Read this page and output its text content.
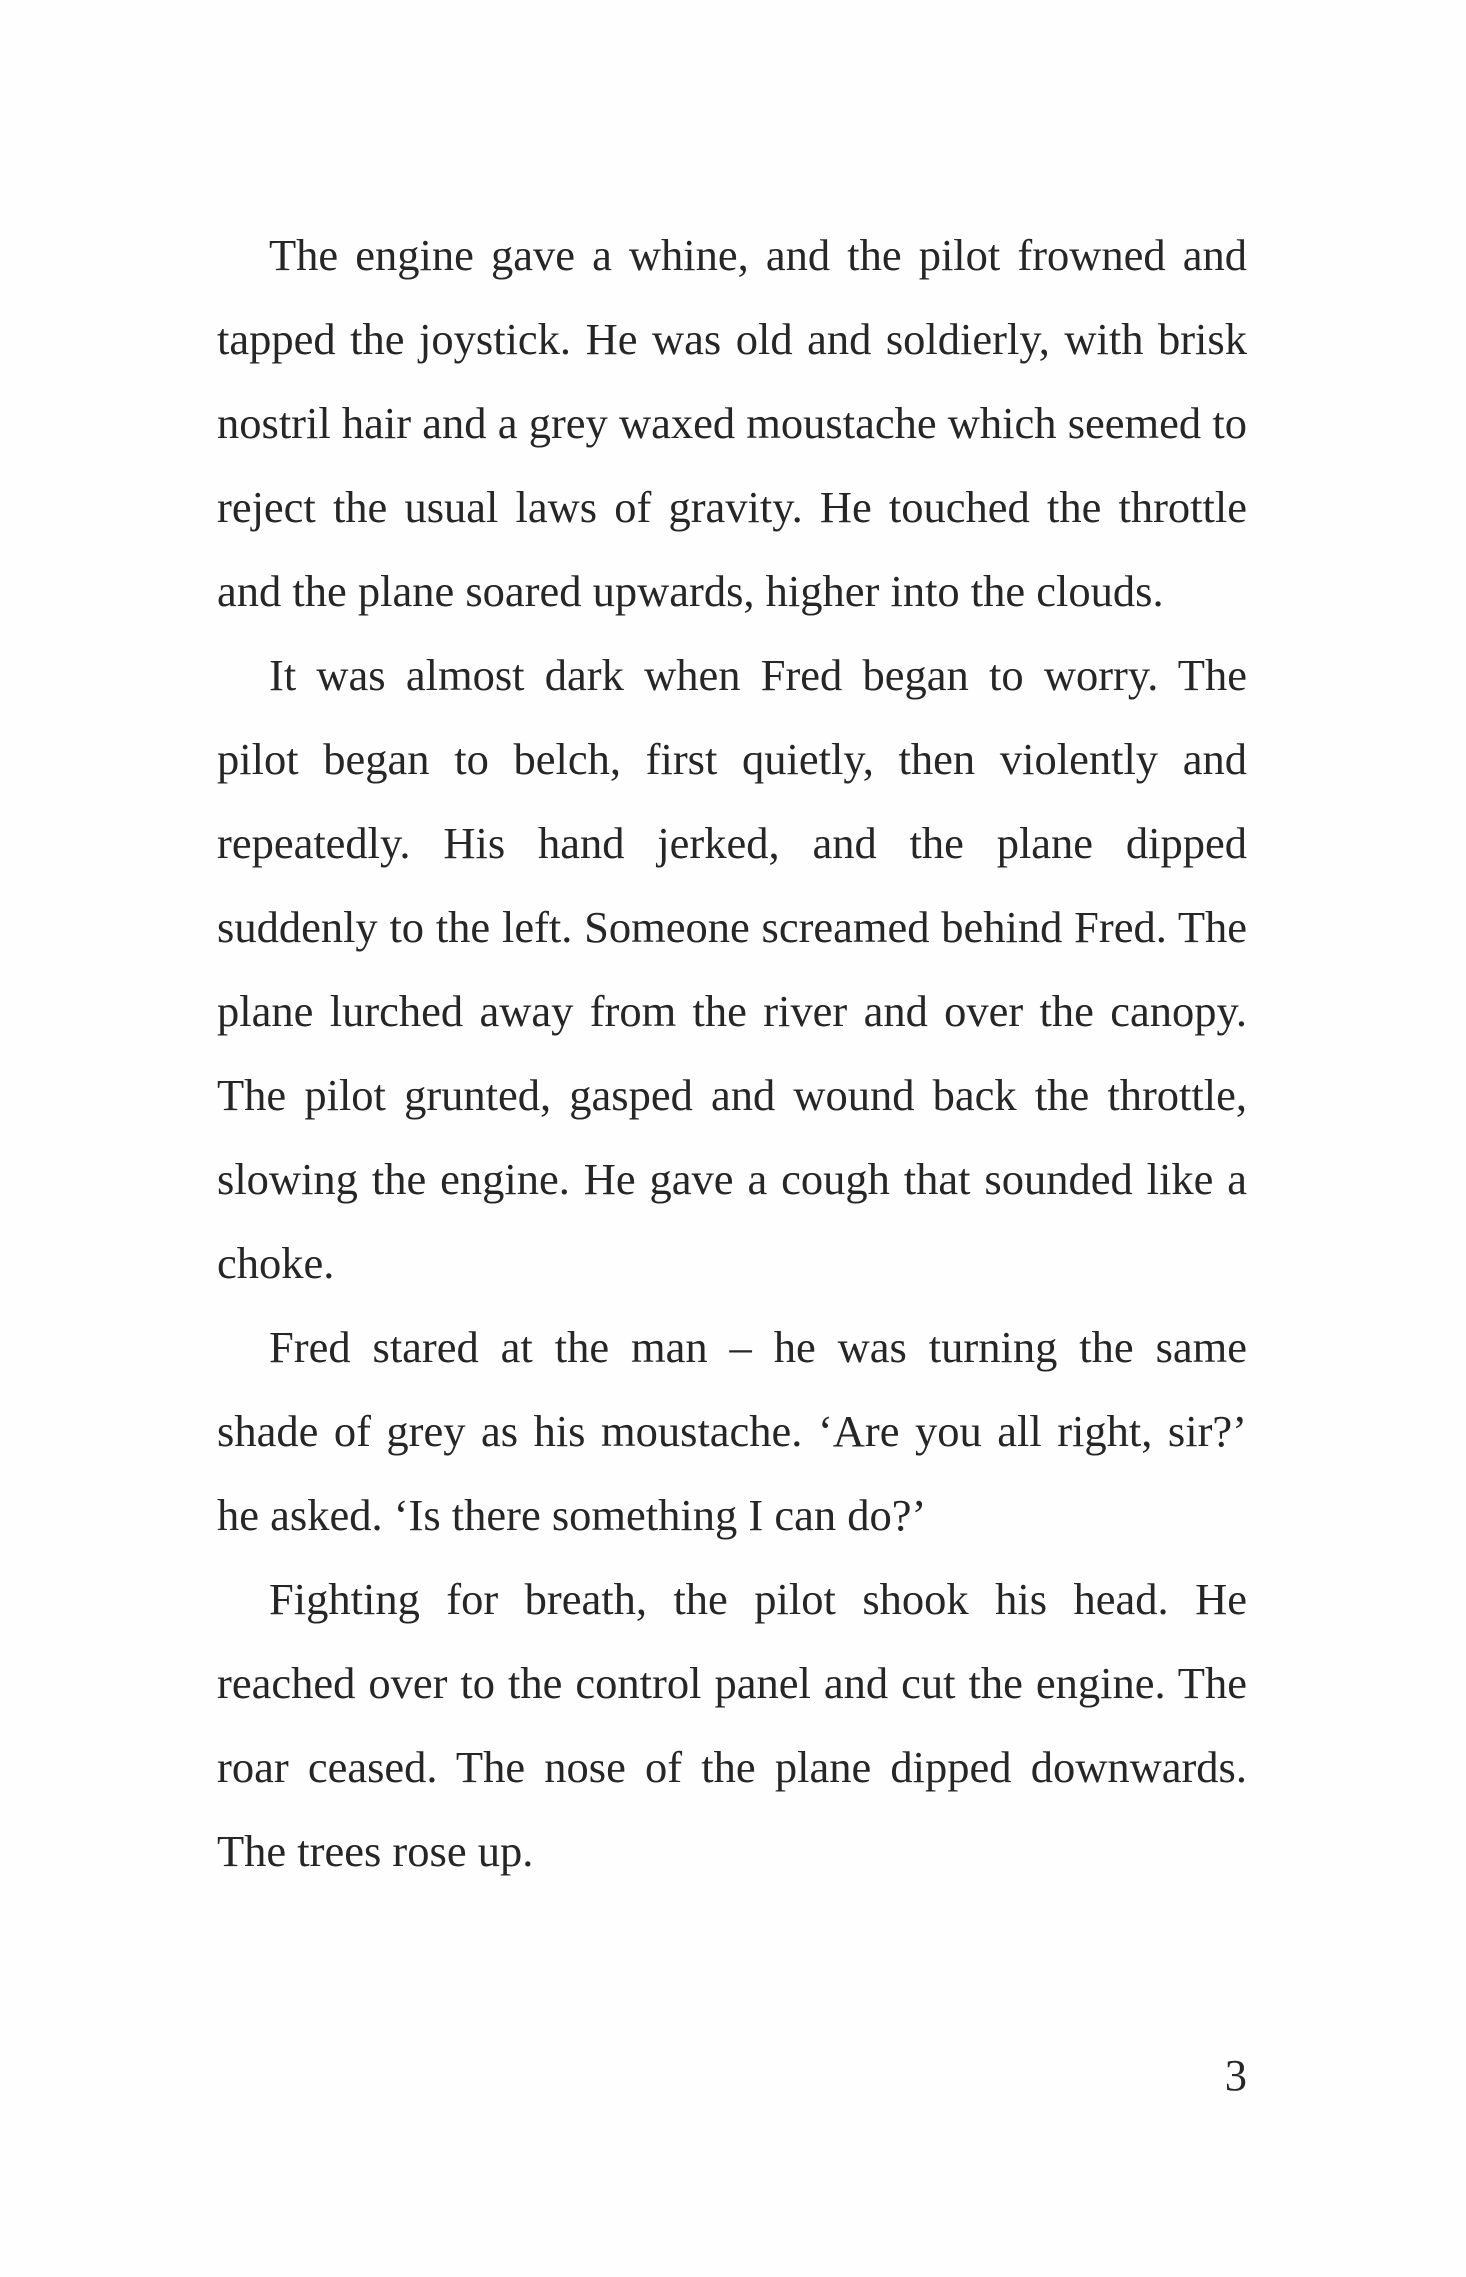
The engine gave a whine, and the pilot frowned and tapped the joystick. He was old and soldierly, with brisk nostril hair and a grey waxed moustache which seemed to reject the usual laws of gravity. He touched the throttle and the plane soared upwards, higher into the clouds.

It was almost dark when Fred began to worry. The pilot began to belch, first quietly, then violently and repeatedly. His hand jerked, and the plane dipped suddenly to the left. Someone screamed behind Fred. The plane lurched away from the river and over the canopy. The pilot grunted, gasped and wound back the throttle, slowing the engine. He gave a cough that sounded like a choke.

Fred stared at the man – he was turning the same shade of grey as his moustache. ‘Are you all right, sir?’ he asked. ‘Is there something I can do?’

Fighting for breath, the pilot shook his head. He reached over to the control panel and cut the engine. The roar ceased. The nose of the plane dipped downwards. The trees rose up.

3
